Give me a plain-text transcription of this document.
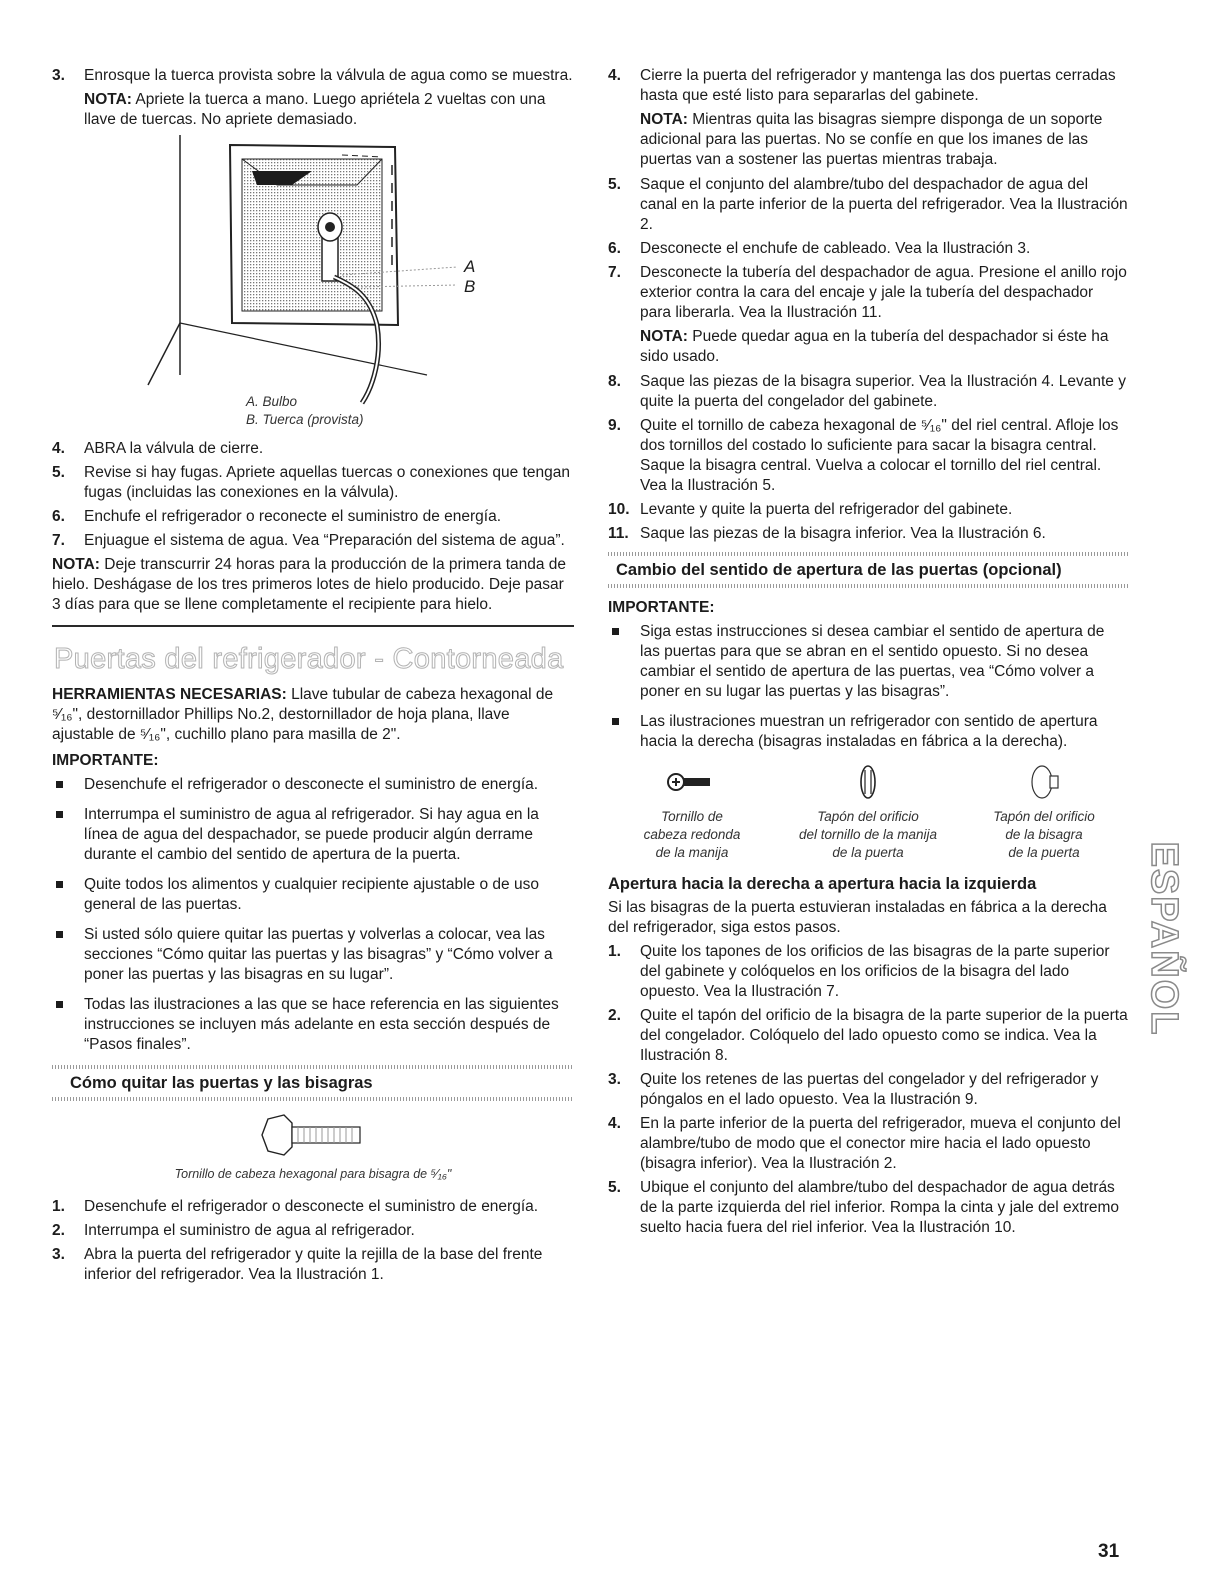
3. Enrosque la tuerca provista sobre la válvula de agua como se muestra.

NOTA: Apriete la tuerca a mano. Luego apriétela 2 vueltas con una llave de tuercas. No apriete demasiado.

A
B
A. Bulbo
B. Tuerca (provista)
4. ABRA la válvula de cierre.

5. Revise si hay fugas. Apriete aquellas tuercas o conexiones que tengan fugas (incluidas las conexiones en la válvula).

6. Enchufe el refrigerador o reconecte el suministro de energía.

7. Enjuague el sistema de agua. Vea “Preparación del sistema de agua”.

NOTA: Deje transcurrir 24 horas para la producción de la primera tanda de hielo. Deshágase de los tres primeros lotes de hielo producido. Deje pasar 3 días para que se llene completamente el recipiente para hielo.

Puertas del refrigerador - Contorneada

HERRAMIENTAS NECESARIAS: Llave tubular de cabeza hexagonal de ⁵⁄₁₆", destornillador Phillips No.2, destornillador de hoja plana, llave ajustable de ⁵⁄₁₆", cuchillo plano para masilla de 2".

IMPORTANTE:

Desenchufe el refrigerador o desconecte el suministro de energía.

Interrumpa el suministro de agua al refrigerador. Si hay agua en la línea de agua del despachador, se puede producir algún derrame durante el cambio del sentido de apertura de la puerta.

Quite todos los alimentos y cualquier recipiente ajustable o de uso general de las puertas.

Si usted sólo quiere quitar las puertas y volverlas a colocar, vea las secciones “Cómo quitar las puertas y las bisagras” y “Cómo volver a poner las puertas y las bisagras en su lugar”.

Todas las ilustraciones a las que se hace referencia en las siguientes instrucciones se incluyen más adelante en esta sección después de “Pasos finales”.

Cómo quitar las puertas y las bisagras
Tornillo de cabeza hexagonal para bisagra de ⁵⁄₁₆"
1. Desenchufe el refrigerador o desconecte el suministro de energía.

2. Interrumpa el suministro de agua al refrigerador.

3. Abra la puerta del refrigerador y quite la rejilla de la base del frente inferior del refrigerador. Vea la Ilustración 1.

4. Cierre la puerta del refrigerador y mantenga las dos puertas cerradas hasta que esté listo para separarlas del gabinete.

NOTA: Mientras quita las bisagras siempre disponga de un soporte adicional para las puertas. No se confíe en que los imanes de las puertas van a sostener las puertas mientras trabaja.

5. Saque el conjunto del alambre/tubo del despachador de agua del canal en la parte inferior de la puerta del refrigerador. Vea la Ilustración 2.

6. Desconecte el enchufe de cableado. Vea la Ilustración 3.

7. Desconecte la tubería del despachador de agua. Presione el anillo rojo exterior contra la cara del encaje y jale la tubería del despachador para liberarla. Vea la Ilustración 11.

NOTA: Puede quedar agua en la tubería del despachador si éste ha sido usado.

8. Saque las piezas de la bisagra superior. Vea la Ilustración 4. Levante y quite la puerta del congelador del gabinete.

9. Quite el tornillo de cabeza hexagonal de ⁵⁄₁₆" del riel central. Afloje los dos tornillos del costado lo suficiente para sacar la bisagra central. Saque la bisagra central. Vuelva a colocar el tornillo del riel central. Vea la Ilustración 5.

10. Levante y quite la puerta del refrigerador del gabinete.

11. Saque las piezas de la bisagra inferior. Vea la Ilustración 6.

Cambio del sentido de apertura de las puertas (opcional)
IMPORTANTE:

Siga estas instrucciones si desea cambiar el sentido de apertura de las puertas para que se abran en el sentido opuesto. Si no desea cambiar el sentido de apertura de las puertas, vea “Cómo volver a poner en su lugar las puertas y las bisagras”.

Las ilustraciones muestran un refrigerador con sentido de apertura hacia la derecha (bisagras instaladas en fábrica a la derecha).

Tornillo de
cabeza redonda
de la manija
Tapón del orificio
del tornillo de la manija
de la puerta
Tapón del orificio
de la bisagra
de la puerta
Apertura hacia la derecha a apertura hacia la izquierda

Si las bisagras de la puerta estuvieran instaladas en fábrica a la derecha del refrigerador, siga estos pasos.

1. Quite los tapones de los orificios de las bisagras de la parte superior del gabinete y colóquelos en los orificios de la bisagra del lado opuesto. Vea la Ilustración 7.

2. Quite el tapón del orificio de la bisagra de la parte superior de la puerta del congelador. Colóquelo del lado opuesto como se indica. Vea la Ilustración 8.

3. Quite los retenes de las puertas del congelador y del refrigerador y póngalos en el lado opuesto. Vea la Ilustración 9.

4. En la parte inferior de la puerta del refrigerador, mueva el conjunto del alambre/tubo de modo que el conector mire hacia el lado opuesto (bisagra inferior). Vea la Ilustración 2.

5. Ubique el conjunto del alambre/tubo del despachador de agua detrás de la parte izquierda del riel inferior. Rompa la cinta y jale del extremo suelto hacia fuera del riel inferior. Vea la Ilustración 10.

ESPAÑOL
31
